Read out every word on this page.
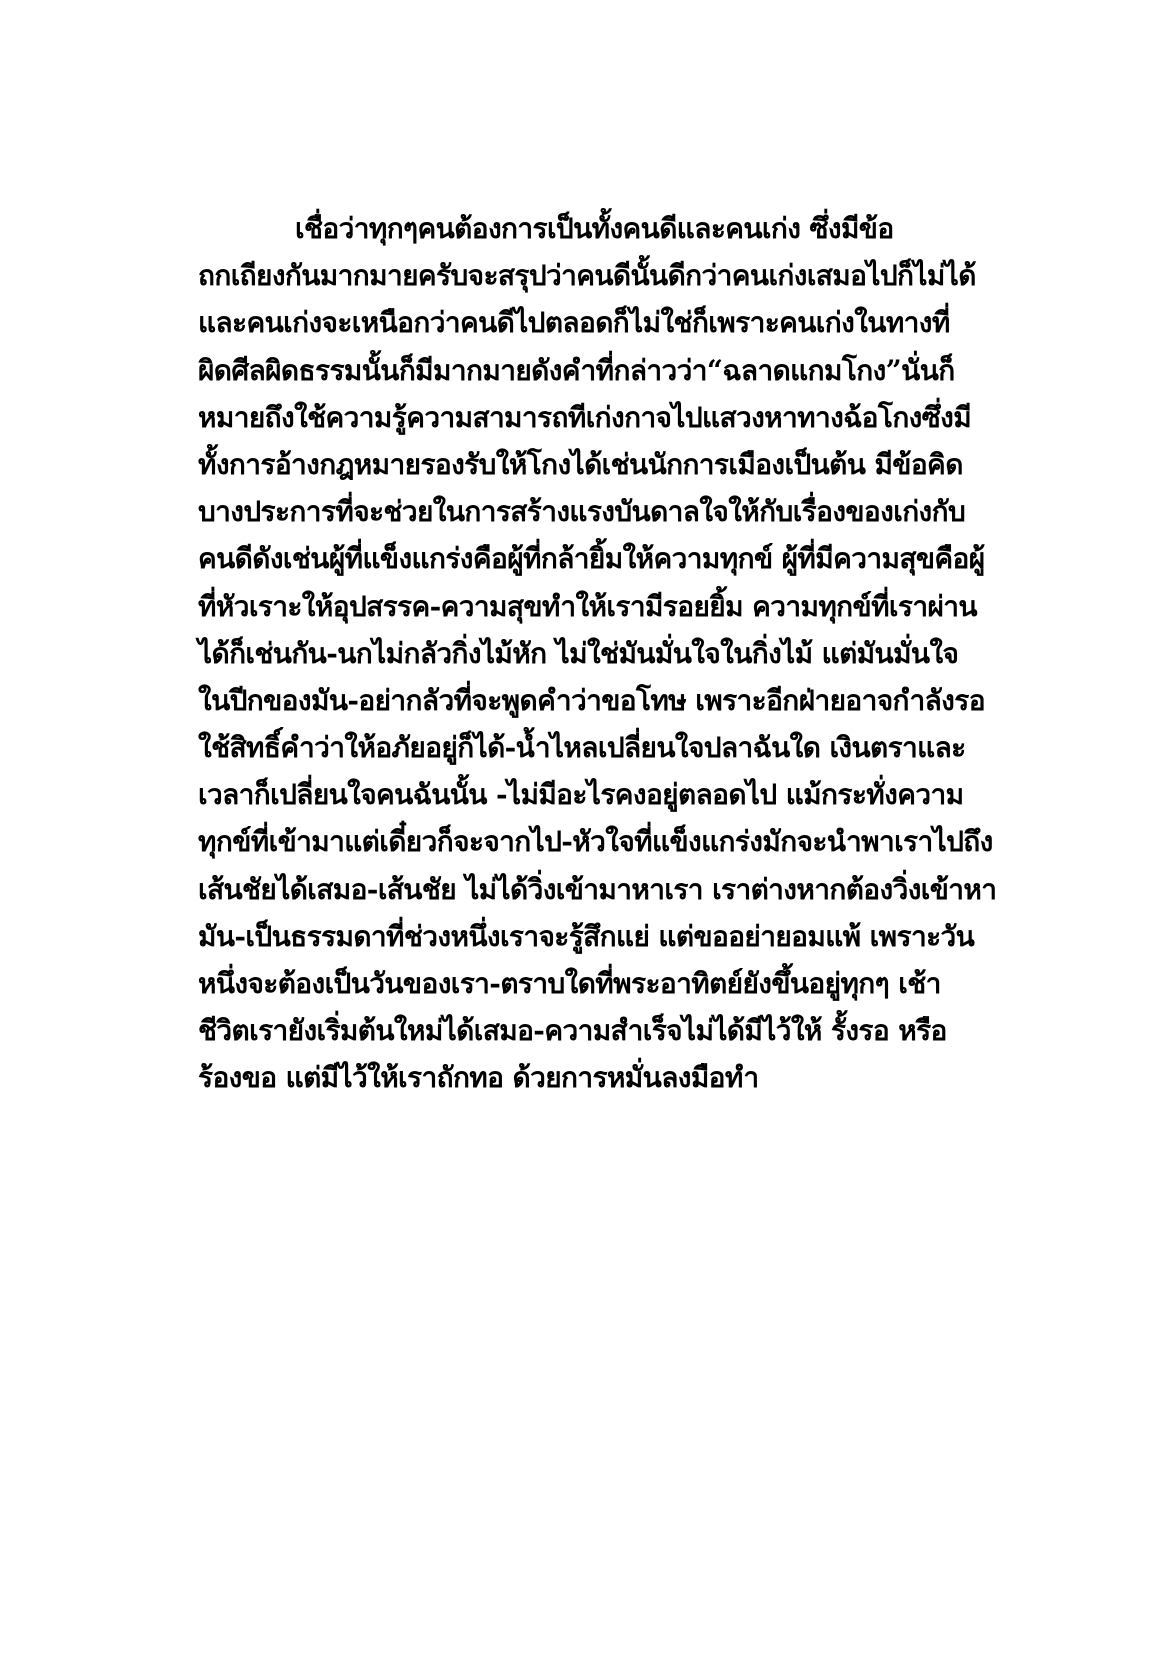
เชื่อว่าทุกๆคนต้องการเป็นทั้งคนดีและคนเก่ง ซึ่งมีข้อ
ถกเถียงกันมากมายครับจะสรุปว่าคนดีนั้นดีกว่าคนเก่งเสมอไปก็ไม่ได้
และคนเก่งจะเหนือกว่าคนดีไปตลอดก็ไม่ใช่ก็เพราะคนเก่งในทางที่
ผิดศีลผิดธรรมนั้นก็มีมากมายดังคำที่กล่าวว่า“ฉลาดแกมโกง”นั่นก็
หมายถึงใช้ความรู้ความสามารถทีเก่งกาจไปแสวงหาทางฉ้อโกงซึ่งมี
ทั้งการอ้างกฎหมายรองรับให้โกงได้เช่นนักการเมืองเป็นต้น มีข้อคิด
บางประการที่จะช่วยในการสร้างแรงบันดาลใจให้กับเรื่องของเก่งกับ
คนดีดังเช่นผู้ที่แข็งแกร่งคือผู้ที่กล้ายิ้มให้ความทุกข์ ผู้ที่มีความสุขคือผู้
ที่หัวเราะให้อุปสรรค-ความสุขทำให้เรามีรอยยิ้ม ความทุกข์ที่เราผ่าน
ได้ก็เช่นกัน-นกไม่กลัวกิ่งไม้หัก ไม่ใช่มันมั่นใจในกิ่งไม้ แต่มันมั่นใจ
ในปีกของมัน-อย่ากลัวที่จะพูดคำว่าขอโทษ เพราะอีกฝ่ายอาจกำลังรอ
ใช้สิทธิ์คำว่าให้อภัยอยู่ก็ได้-น้ำไหลเปลี่ยนใจปลาฉันใด เงินตราและ
เวลาก็เปลี่ยนใจคนฉันนั้น -ไม่มีอะไรคงอยู่ตลอดไป แม้กระทั่งความ
ทุกข์ที่เข้ามาแต่เดี๋ยวก็จะจากไป-หัวใจที่แข็งแกร่งมักจะนำพาเราไปถึง
เส้นชัยได้เสมอ-เส้นชัย ไม่ได้วิ่งเข้ามาหาเรา เราต่างหากต้องวิ่งเข้าหา
มัน-เป็นธรรมดาที่ช่วงหนึ่งเราจะรู้สึกแย่ แต่ขออย่ายอมแพ้ เพราะวัน
หนึ่งจะต้องเป็นวันของเรา-ตราบใดที่พระอาทิตย์ยังขึ้นอยู่ทุกๆ เช้า
ชีวิตเรายังเริ่มต้นใหม่ได้เสมอ-ความสำเร็จไม่ได้มีไว้ให้ รั้งรอ หรือ
ร้องขอ แต่มีไว้ให้เราถักทอ ด้วยการหมั่นลงมือทำ
